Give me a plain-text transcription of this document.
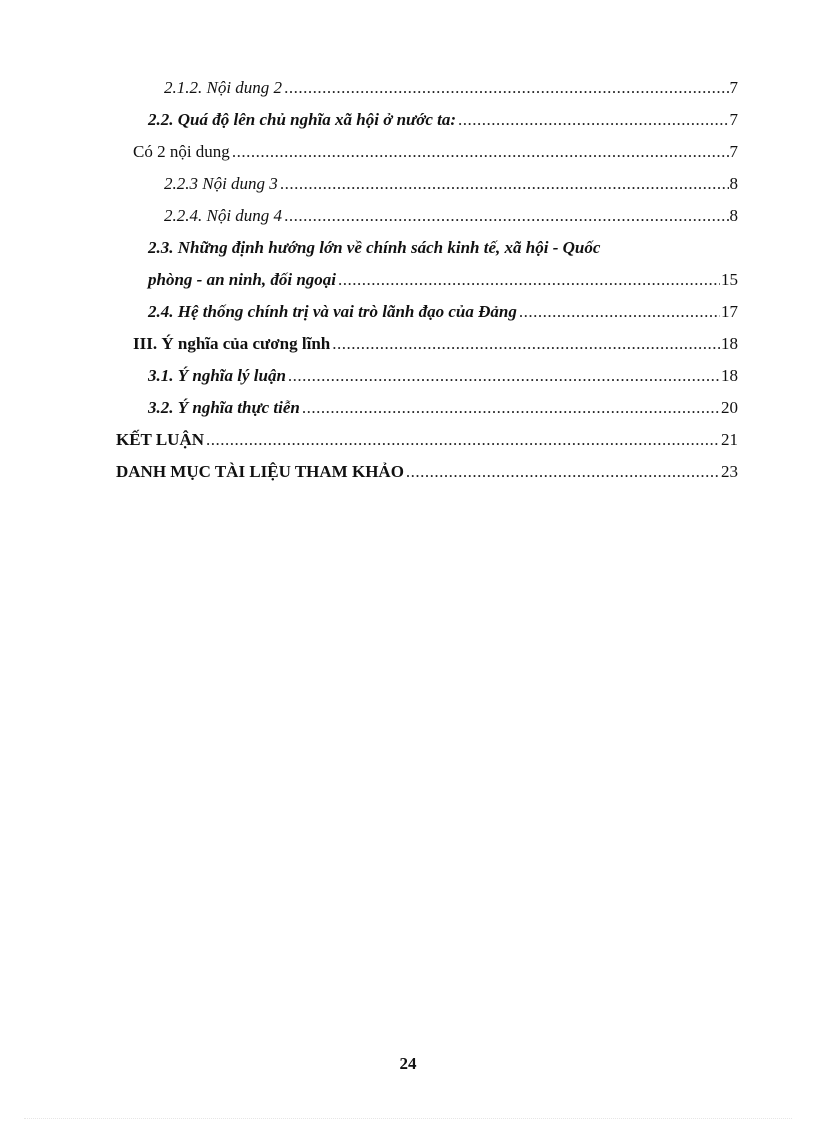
2.1.2. Nội dung 2 .....	7
2.2. Quá độ lên chủ nghĩa xã hội ở nước ta: .....	7
Có 2 nội dung .....	7
2.2.3 Nội dung 3 .....	8
2.2.4. Nội dung 4 .....	8
2.3. Những định hướng lớn về chính sách kinh tế, xã hội - Quốc
phòng - an ninh, đối ngoại .....	15
2.4. Hệ thống chính trị và vai trò lãnh đạo của Đảng .....	17
III. Ý nghĩa của cương lĩnh .....	18
3.1. Ý nghĩa lý luận .....	18
3.2. Ý nghĩa thực tiễn .....	20
KẾT LUẬN .....	21
DANH MỤC TÀI LIỆU THAM KHẢO .....	23
24
